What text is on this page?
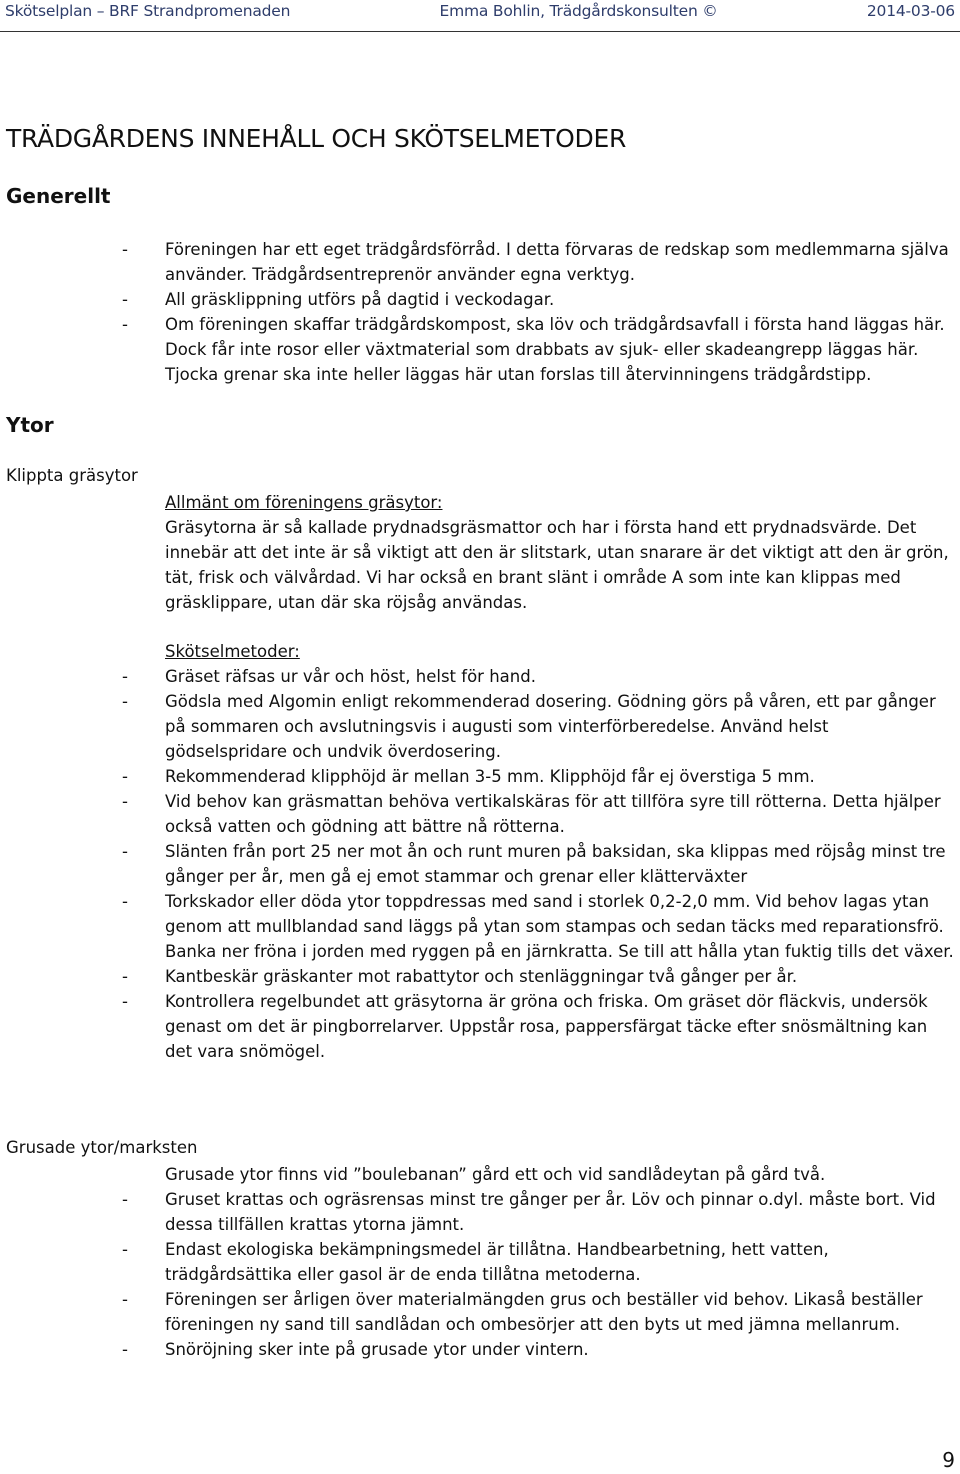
Skötselplan – BRF Strandpromenaden	Emma Bohlin, Trädgårdskonsulten ©	2014-03-06
TRÄDGÅRDENS INNEHÅLL OCH SKÖTSELMETODER
Generellt
- Föreningen har ett eget trädgårdsförråd. I detta förvaras de redskap som medlemmarna själva använder. Trädgårdsentreprenör använder egna verktyg.
- All gräsklippning utförs på dagtid i veckodagar.
- Om föreningen skaffar trädgårdskompost, ska löv och trädgårdsavfall i första hand läggas här. Dock får inte rosor eller växtmaterial som drabbats av sjuk- eller skadeangrepp läggas här. Tjocka grenar ska inte heller läggas här utan forslas till återvinningens trädgårdstipp.
Ytor
Klippta gräsytor

Allmänt om föreningens gräsytor:

Gräsytorna är så kallade prydnadsgräsmattor och har i första hand ett prydnadsvärde. Det innebär att det inte är så viktigt att den är slitstark, utan snarare är det viktigt att den är grön, tät, frisk och välvårdad. Vi har också en brant slänt i område A som inte kan klippas med gräsklippare, utan där ska röjsåg användas.

Skötselmetoder:

- Gräset räfsas ur vår och höst, helst för hand.
- Gödsla med Algomin enligt rekommenderad dosering. Gödning görs på våren, ett par gånger på sommaren och avslutningsvis i augusti som vinterförberedelse. Använd helst gödselspridare och undvik överdosering.
- Rekommenderad klipphöjd är mellan 3-5 mm. Klipphöjd får ej överstiga 5 mm.
- Vid behov kan gräsmattan behöva vertikalskäras för att tillföra syre till rötterna. Detta hjälper också vatten och gödning att bättre nå rötterna.
- Slänten från port 25 ner mot ån och runt muren på baksidan, ska klippas med röjsåg minst tre gånger per år, men gå ej emot stammar och grenar eller klätterväxter
- Torkskador eller döda ytor toppdressas med sand i storlek 0,2-2,0 mm. Vid behov lagas ytan genom att mullblandad sand läggs på ytan som stampas och sedan täcks med reparationsfrö. Banka ner fröna i jorden med ryggen på en järnkratta. Se till att hålla ytan fuktig tills det växer.
- Kantbeskär gräskanter mot rabattytor och stenläggningar två gånger per år.
- Kontrollera regelbundet att gräsytorna är gröna och friska. Om gräset dör fläckvis, undersök genast om det är pingborrelarver. Uppstår rosa, pappersfärgat täcke efter snösmältning kan det vara snömögel.
Grusade ytor/marksten

Grusade ytor finns vid ”boulebanan” gård ett och vid sandlådeytan på gård två.

- Gruset krattas och ogräsrensas minst tre gånger per år. Löv och pinnar o.dyl. måste bort. Vid dessa tillfällen krattas ytorna jämnt.
- Endast ekologiska bekämpningsmedel är tillåtna. Handbearbetning, hett vatten, trädgårdsättika eller gasol är de enda tillåtna metoderna.
- Föreningen ser årligen över materialmängden grus och beställer vid behov. Likaså beställer föreningen ny sand till sandlådan och ombesörjer att den byts ut med jämna mellanrum.
- Snöröjning sker inte på grusade ytor under vintern.
9
